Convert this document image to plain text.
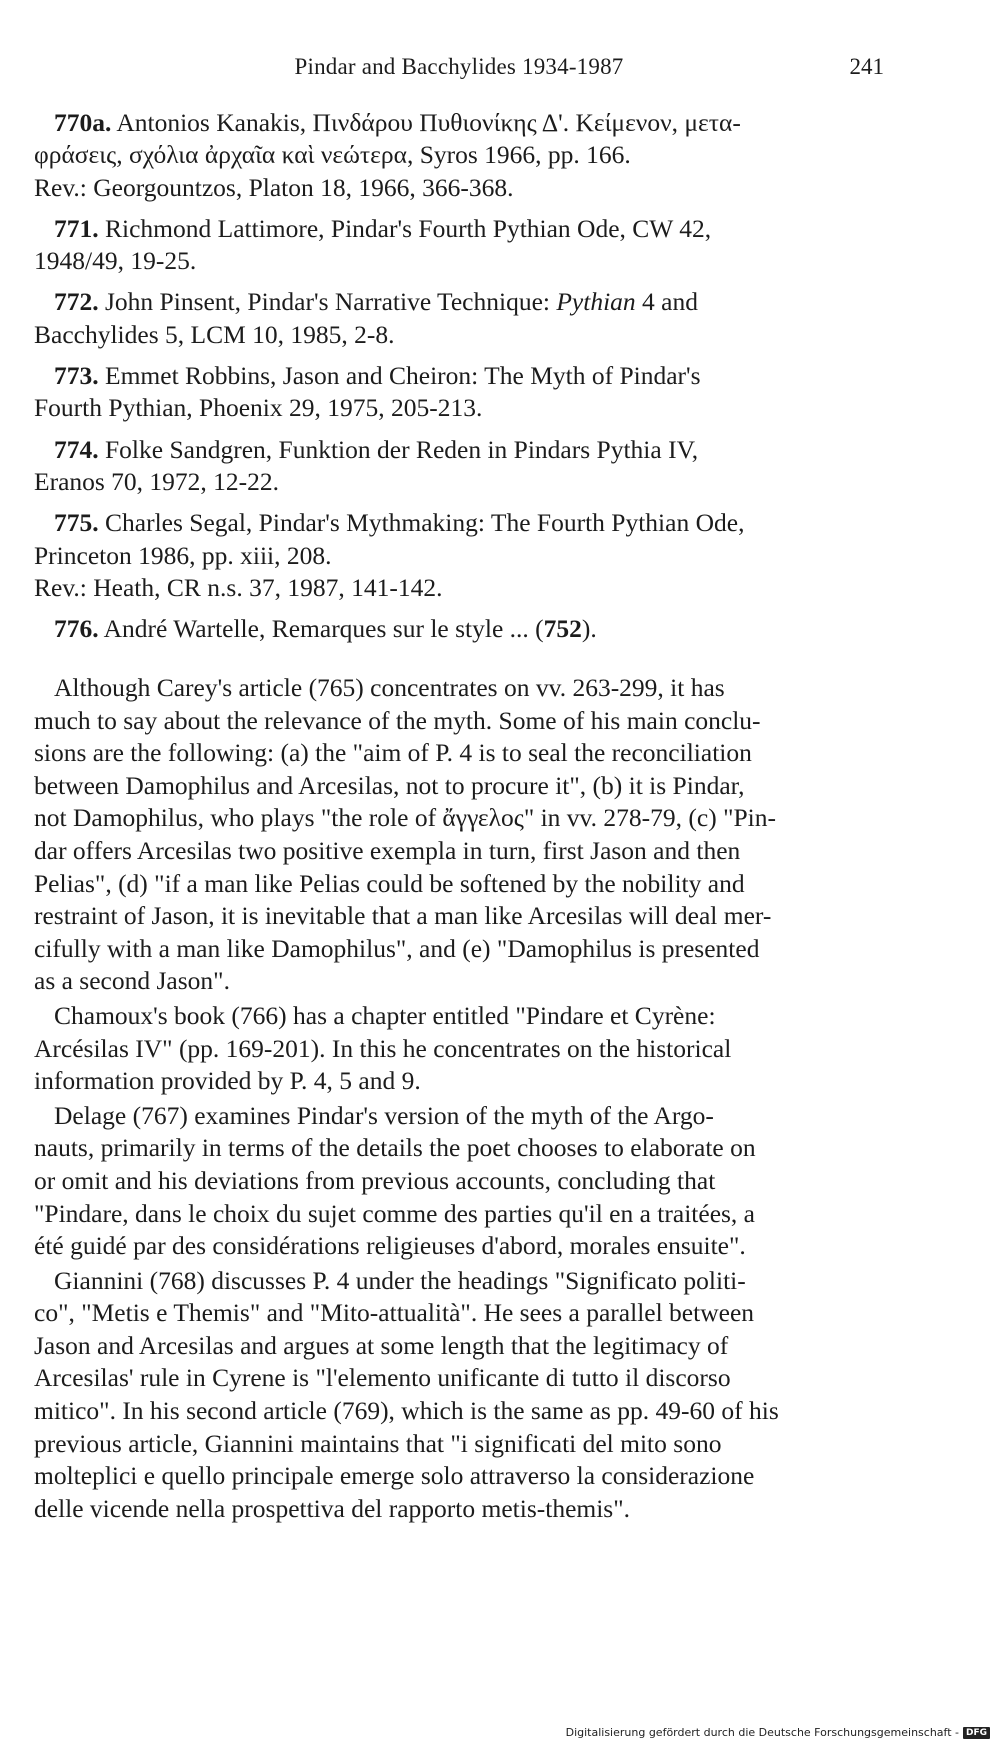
Pindar and Bacchylides 1934-1987	241
770a. Antonios Kanakis, Πινδάρου Πυθιονίκης Δ'. Κείμενον, μετα-
φράσεις, σχόλια ἀρχαῖα καὶ νεώτερα, Syros 1966, pp. 166.
Rev.: Georgountzos, Platon 18, 1966, 366-368.
771. Richmond Lattimore, Pindar's Fourth Pythian Ode, CW 42,
1948/49, 19-25.
772. John Pinsent, Pindar's Narrative Technique: Pythian 4 and
Bacchylides 5, LCM 10, 1985, 2-8.
773. Emmet Robbins, Jason and Cheiron: The Myth of Pindar's
Fourth Pythian, Phoenix 29, 1975, 205-213.
774. Folke Sandgren, Funktion der Reden in Pindars Pythia IV,
Eranos 70, 1972, 12-22.
775. Charles Segal, Pindar's Mythmaking: The Fourth Pythian Ode,
Princeton 1986, pp. xiii, 208.
Rev.: Heath, CR n.s. 37, 1987, 141-142.
776. André Wartelle, Remarques sur le style ... (752).
Although Carey's article (765) concentrates on vv. 263-299, it has
much to say about the relevance of the myth. Some of his main conclu-
sions are the following: (a) the "aim of P. 4 is to seal the reconciliation
between Damophilus and Arcesilas, not to procure it", (b) it is Pindar,
not Damophilus, who plays "the role of ἄγγελος" in vv. 278-79, (c) "Pin-
dar offers Arcesilas two positive exempla in turn, first Jason and then
Pelias", (d) "if a man like Pelias could be softened by the nobility and
restraint of Jason, it is inevitable that a man like Arcesilas will deal mer-
cifully with a man like Damophilus", and (e) "Damophilus is presented
as a second Jason".
Chamoux's book (766) has a chapter entitled "Pindare et Cyrène:
Arcésilas IV" (pp. 169-201). In this he concentrates on the historical
information provided by P. 4, 5 and 9.
Delage (767) examines Pindar's version of the myth of the Argo-
nauts, primarily in terms of the details the poet chooses to elaborate on
or omit and his deviations from previous accounts, concluding that
"Pindare, dans le choix du sujet comme des parties qu'il en a traitées, a
été guidé par des considérations religieuses d'abord, morales ensuite".
Giannini (768) discusses P. 4 under the headings "Significato politi-
co", "Metis e Themis" and "Mito-attualità". He sees a parallel between
Jason and Arcesilas and argues at some length that the legitimacy of
Arcesilas' rule in Cyrene is "l'elemento unificante di tutto il discorso
mitico". In his second article (769), which is the same as pp. 49-60 of his
previous article, Giannini maintains that "i significati del mito sono
molteplici e quello principale emerge solo attraverso la considerazione
delle vicende nella prospettiva del rapporto metis-themis".
Digitalisierung gefördert durch die Deutsche Forschungsgemeinschaft - DFG
